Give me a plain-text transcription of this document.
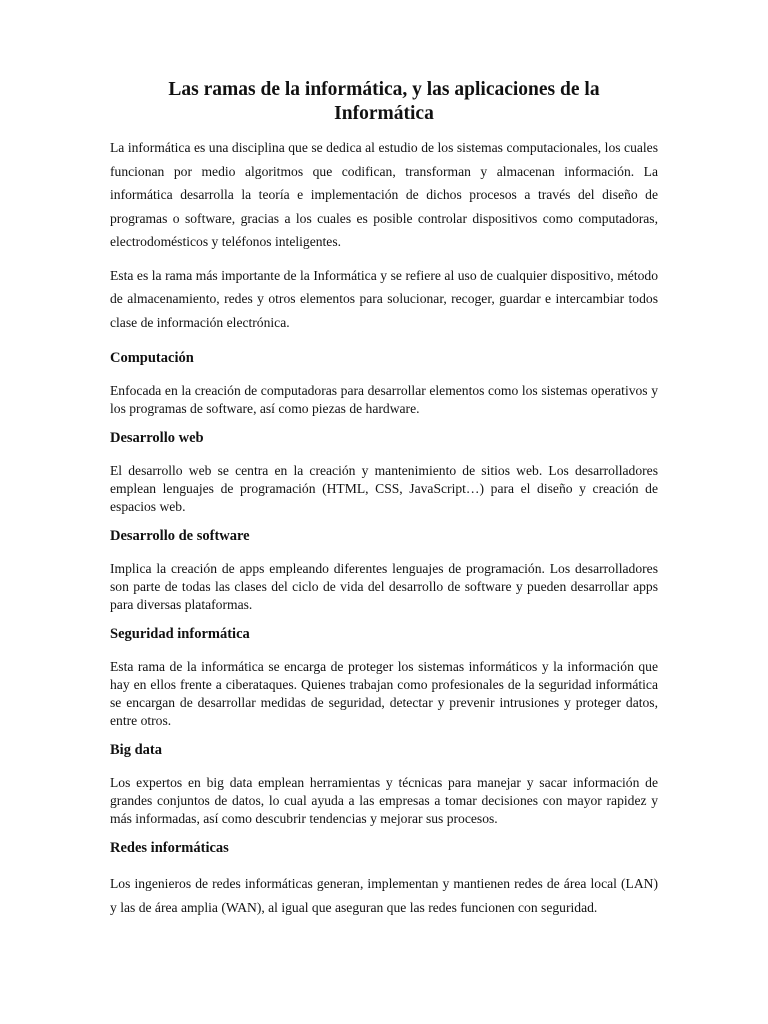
Las ramas de la informática, y las aplicaciones de la
Informática

La informática es una disciplina que se dedica al estudio de los sistemas computacionales, los cuales funcionan por medio algoritmos que codifican, transforman y almacenan información. La informática desarrolla la teoría e implementación de dichos procesos a través del diseño de programas o software, gracias a los cuales es posible controlar dispositivos como computadoras, electrodomésticos y teléfonos inteligentes.

Esta es la rama más importante de la Informática y se refiere al uso de cualquier dispositivo, método de almacenamiento, redes y otros elementos para solucionar, recoger, guardar e intercambiar todos clase de información electrónica.

Computación

Enfocada en la creación de computadoras para desarrollar elementos como los sistemas operativos y los programas de software, así como piezas de hardware.

Desarrollo web

El desarrollo web se centra en la creación y mantenimiento de sitios web. Los desarrolladores emplean lenguajes de programación (HTML, CSS, JavaScript…) para el diseño y creación de espacios web.

Desarrollo de software

Implica la creación de apps empleando diferentes lenguajes de programación. Los desarrolladores son parte de todas las clases del ciclo de vida del desarrollo de software y pueden desarrollar apps para diversas plataformas.

Seguridad informática

Esta rama de la informática se encarga de proteger los sistemas informáticos y la información que hay en ellos frente a ciberataques. Quienes trabajan como profesionales de la seguridad informática se encargan de desarrollar medidas de seguridad, detectar y prevenir intrusiones y proteger datos, entre otros.

Big data

Los expertos en big data emplean herramientas y técnicas para manejar y sacar información de grandes conjuntos de datos, lo cual ayuda a las empresas a tomar decisiones con mayor rapidez y más informadas, así como descubrir tendencias y mejorar sus procesos.

Redes informáticas

Los ingenieros de redes informáticas generan, implementan y mantienen redes de área local (LAN) y las de área amplia (WAN), al igual que aseguran que las redes funcionen con seguridad.
